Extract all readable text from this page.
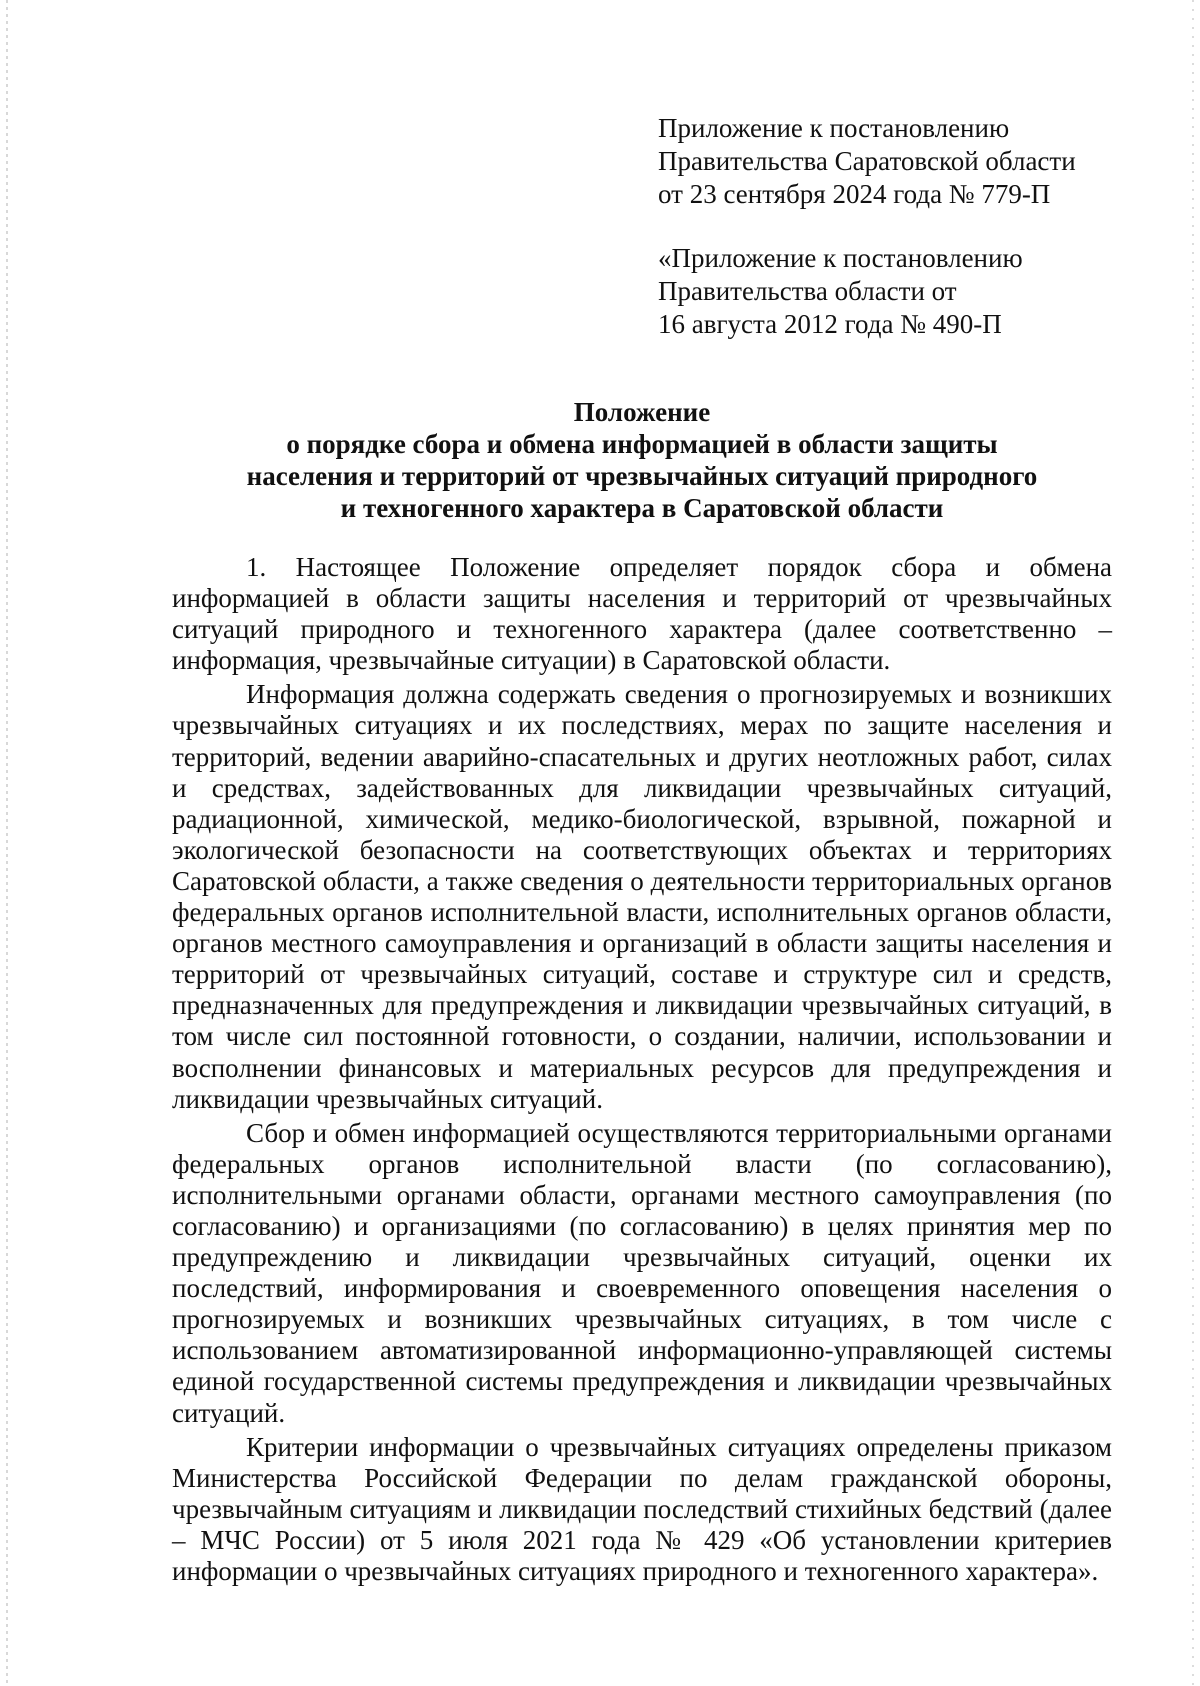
Приложение к постановлению
Правительства Саратовской области
от 23 сентября 2024 года № 779-П
«Приложение к постановлению
Правительства области от
16 августа 2012 года № 490-П
Положение
о порядке сбора и обмена информацией в области защиты
населения и территорий от чрезвычайных ситуаций природного
и техногенного характера в Саратовской области

1. Настоящее Положение определяет порядок сбора и обмена информацией в области защиты населения и территорий от чрезвычайных ситуаций природного и техногенного характера (далее соответственно – информация, чрезвычайные ситуации) в Саратовской области.

Информация должна содержать сведения о прогнозируемых и возникших чрезвычайных ситуациях и их последствиях, мерах по защите населения и территорий, ведении аварийно-спасательных и других неотложных работ, силах и средствах, задействованных для ликвидации чрезвычайных ситуаций, радиационной, химической, медико-биологической, взрывной, пожарной и экологической безопасности на соответствующих объектах и территориях Саратовской области, а также сведения о деятельности территориальных органов федеральных органов исполнительной власти, исполнительных органов области, органов местного самоуправления и организаций в области защиты населения и территорий от чрезвычайных ситуаций, составе и структуре сил и средств, предназначенных для предупреждения и ликвидации чрезвычайных ситуаций, в том числе сил постоянной готовности, о создании, наличии, использовании и восполнении финансовых и материальных ресурсов для предупреждения и ликвидации чрезвычайных ситуаций.

Сбор и обмен информацией осуществляются территориальными органами федеральных органов исполнительной власти (по согласованию), исполнительными органами области, органами местного самоуправления (по согласованию) и организациями (по согласованию) в целях принятия мер по предупреждению и ликвидации чрезвычайных ситуаций, оценки их последствий, информирования и своевременного оповещения населения о прогнозируемых и возникших чрезвычайных ситуациях, в том числе с использованием автоматизированной информационно-управляющей системы единой государственной системы предупреждения и ликвидации чрезвычайных ситуаций.

Критерии информации о чрезвычайных ситуациях определены приказом Министерства Российской Федерации по делам гражданской обороны, чрезвычайным ситуациям и ликвидации последствий стихийных бедствий (далее – МЧС России) от 5 июля 2021 года № 429 «Об установлении критериев информации о чрезвычайных ситуациях природного и техногенного характера».
